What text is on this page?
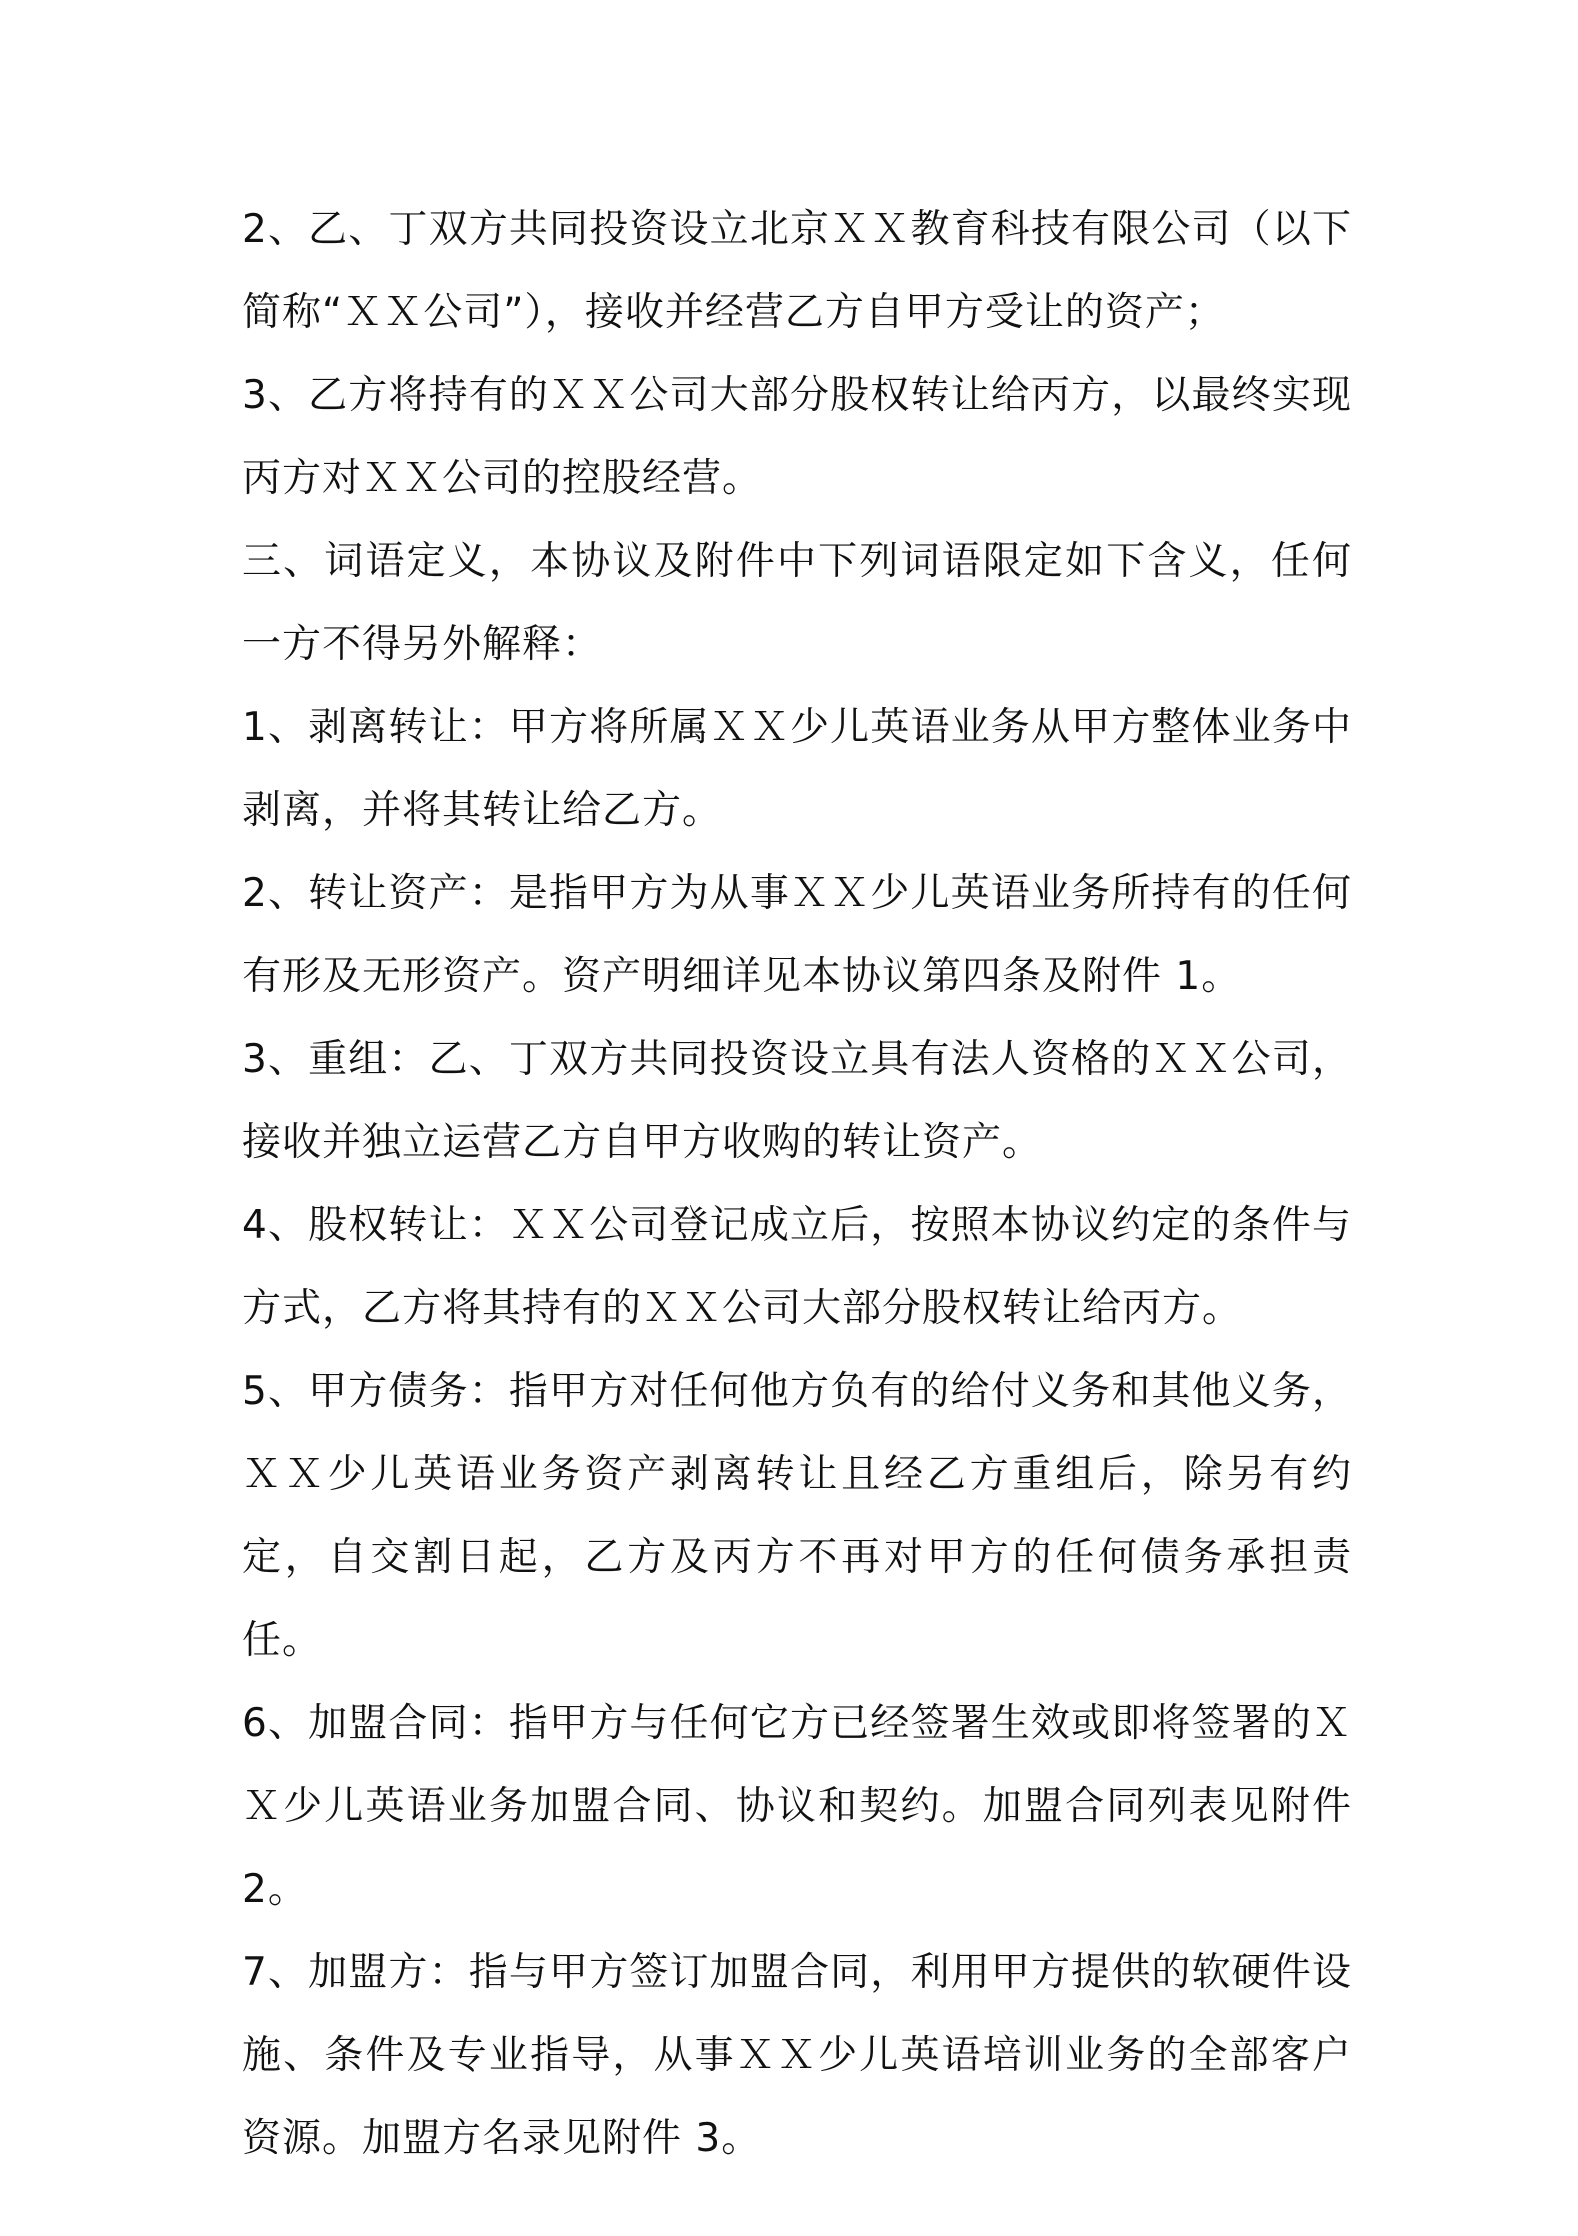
2、乙、丁双方共同投资设立北京ＸＸ教育科技有限公司（以下简称“ＸＸ公司”），接收并经营乙方自甲方受让的资产；

3、乙方将持有的ＸＸ公司大部分股权转让给丙方，以最终实现丙方对ＸＸ公司的控股经营。

三、词语定义，本协议及附件中下列词语限定如下含义，任何一方不得另外解释：

1、剥离转让：甲方将所属ＸＸ少儿英语业务从甲方整体业务中剥离，并将其转让给乙方。

2、转让资产：是指甲方为从事ＸＸ少儿英语业务所持有的任何有形及无形资产。资产明细详见本协议第四条及附件 1。

3、重组：乙、丁双方共同投资设立具有法人资格的ＸＸ公司，接收并独立运营乙方自甲方收购的转让资产。

4、股权转让：ＸＸ公司登记成立后，按照本协议约定的条件与方式，乙方将其持有的ＸＸ公司大部分股权转让给丙方。

5、甲方债务：指甲方对任何他方负有的给付义务和其他义务，ＸＸ少儿英语业务资产剥离转让且经乙方重组后，除另有约定，自交割日起，乙方及丙方不再对甲方的任何债务承担责任。

6、加盟合同：指甲方与任何它方已经签署生效或即将签署的ＸＸ少儿英语业务加盟合同、协议和契约。加盟合同列表见附件 2。

7、加盟方：指与甲方签订加盟合同，利用甲方提供的软硬件设施、条件及专业指导，从事ＸＸ少儿英语培训业务的全部客户资源。加盟方名录见附件 3。
